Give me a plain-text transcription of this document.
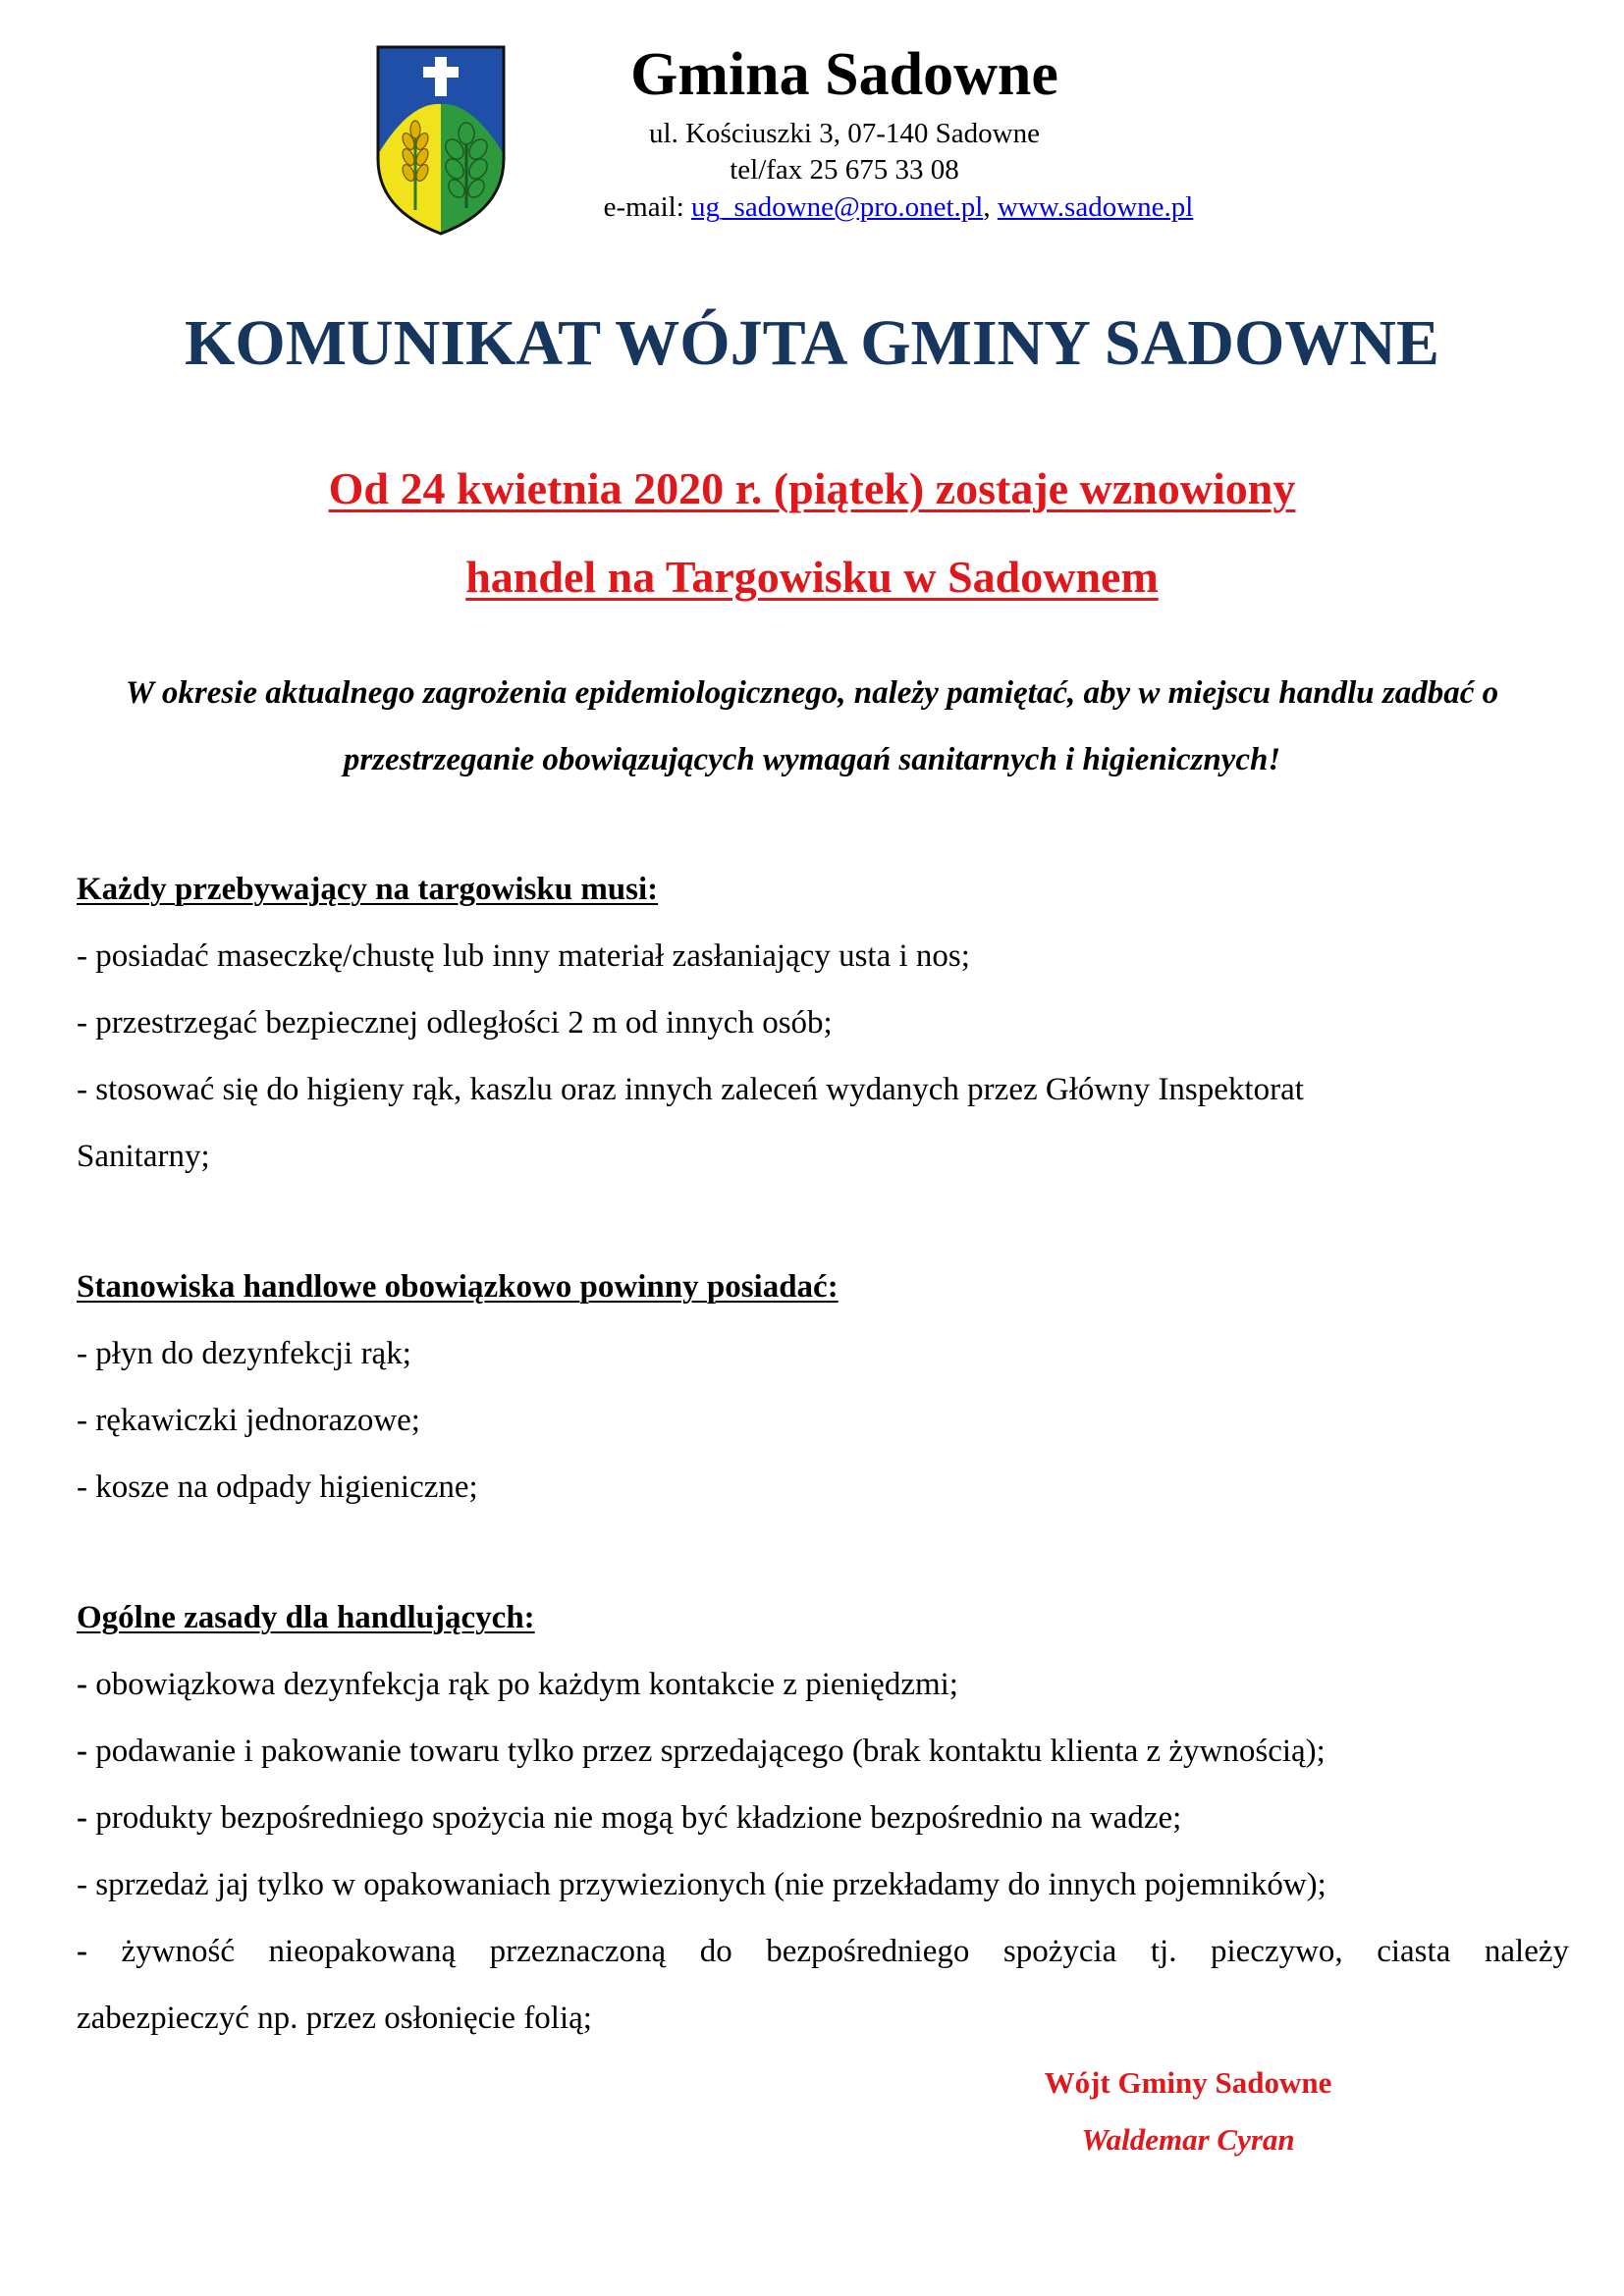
Gmina Sadowne
ul. Kościuszki 3, 07-140 Sadowne
tel/fax 25 675 33 08
e-mail: ug_sadowne@pro.onet.pl, www.sadowne.pl
KOMUNIKAT WÓJTA GMINY SADOWNE
Od 24 kwietnia 2020 r. (piątek) zostaje wznowiony
handel na Targowisku w Sadownem
W okresie aktualnego zagrożenia epidemiologicznego, należy pamiętać, aby w miejscu handlu zadbać o przestrzeganie obowiązujących wymagań sanitarnych i higienicznych!
Każdy przebywający na targowisku musi:
- posiadać maseczkę/chustę lub inny materiał zasłaniający usta i nos;
- przestrzegać bezpiecznej odległości 2 m od innych osób;
- stosować się do higieny rąk, kaszlu oraz innych zaleceń wydanych przez Główny Inspektorat
Sanitarny;
Stanowiska handlowe obowiązkowo powinny posiadać:
- płyn do dezynfekcji rąk;
- rękawiczki jednorazowe;
- kosze na odpady higieniczne;
Ogólne zasady dla handlujących:
- obowiązkowa dezynfekcja rąk po każdym kontakcie z pieniędzmi;
- podawanie i pakowanie towaru tylko przez sprzedającego (brak kontaktu klienta z żywnością);
- produkty bezpośredniego spożycia nie mogą być kładzione bezpośrednio na wadze;
- sprzedaż jaj tylko w opakowaniach przywiezionych (nie przekładamy do innych pojemników);
- żywność nieopakowaną przeznaczoną do bezpośredniego spożycia tj. pieczywo, ciasta należy
zabezpieczyć np. przez osłonięcie folią;
Wójt Gminy Sadowne
Waldemar Cyran
